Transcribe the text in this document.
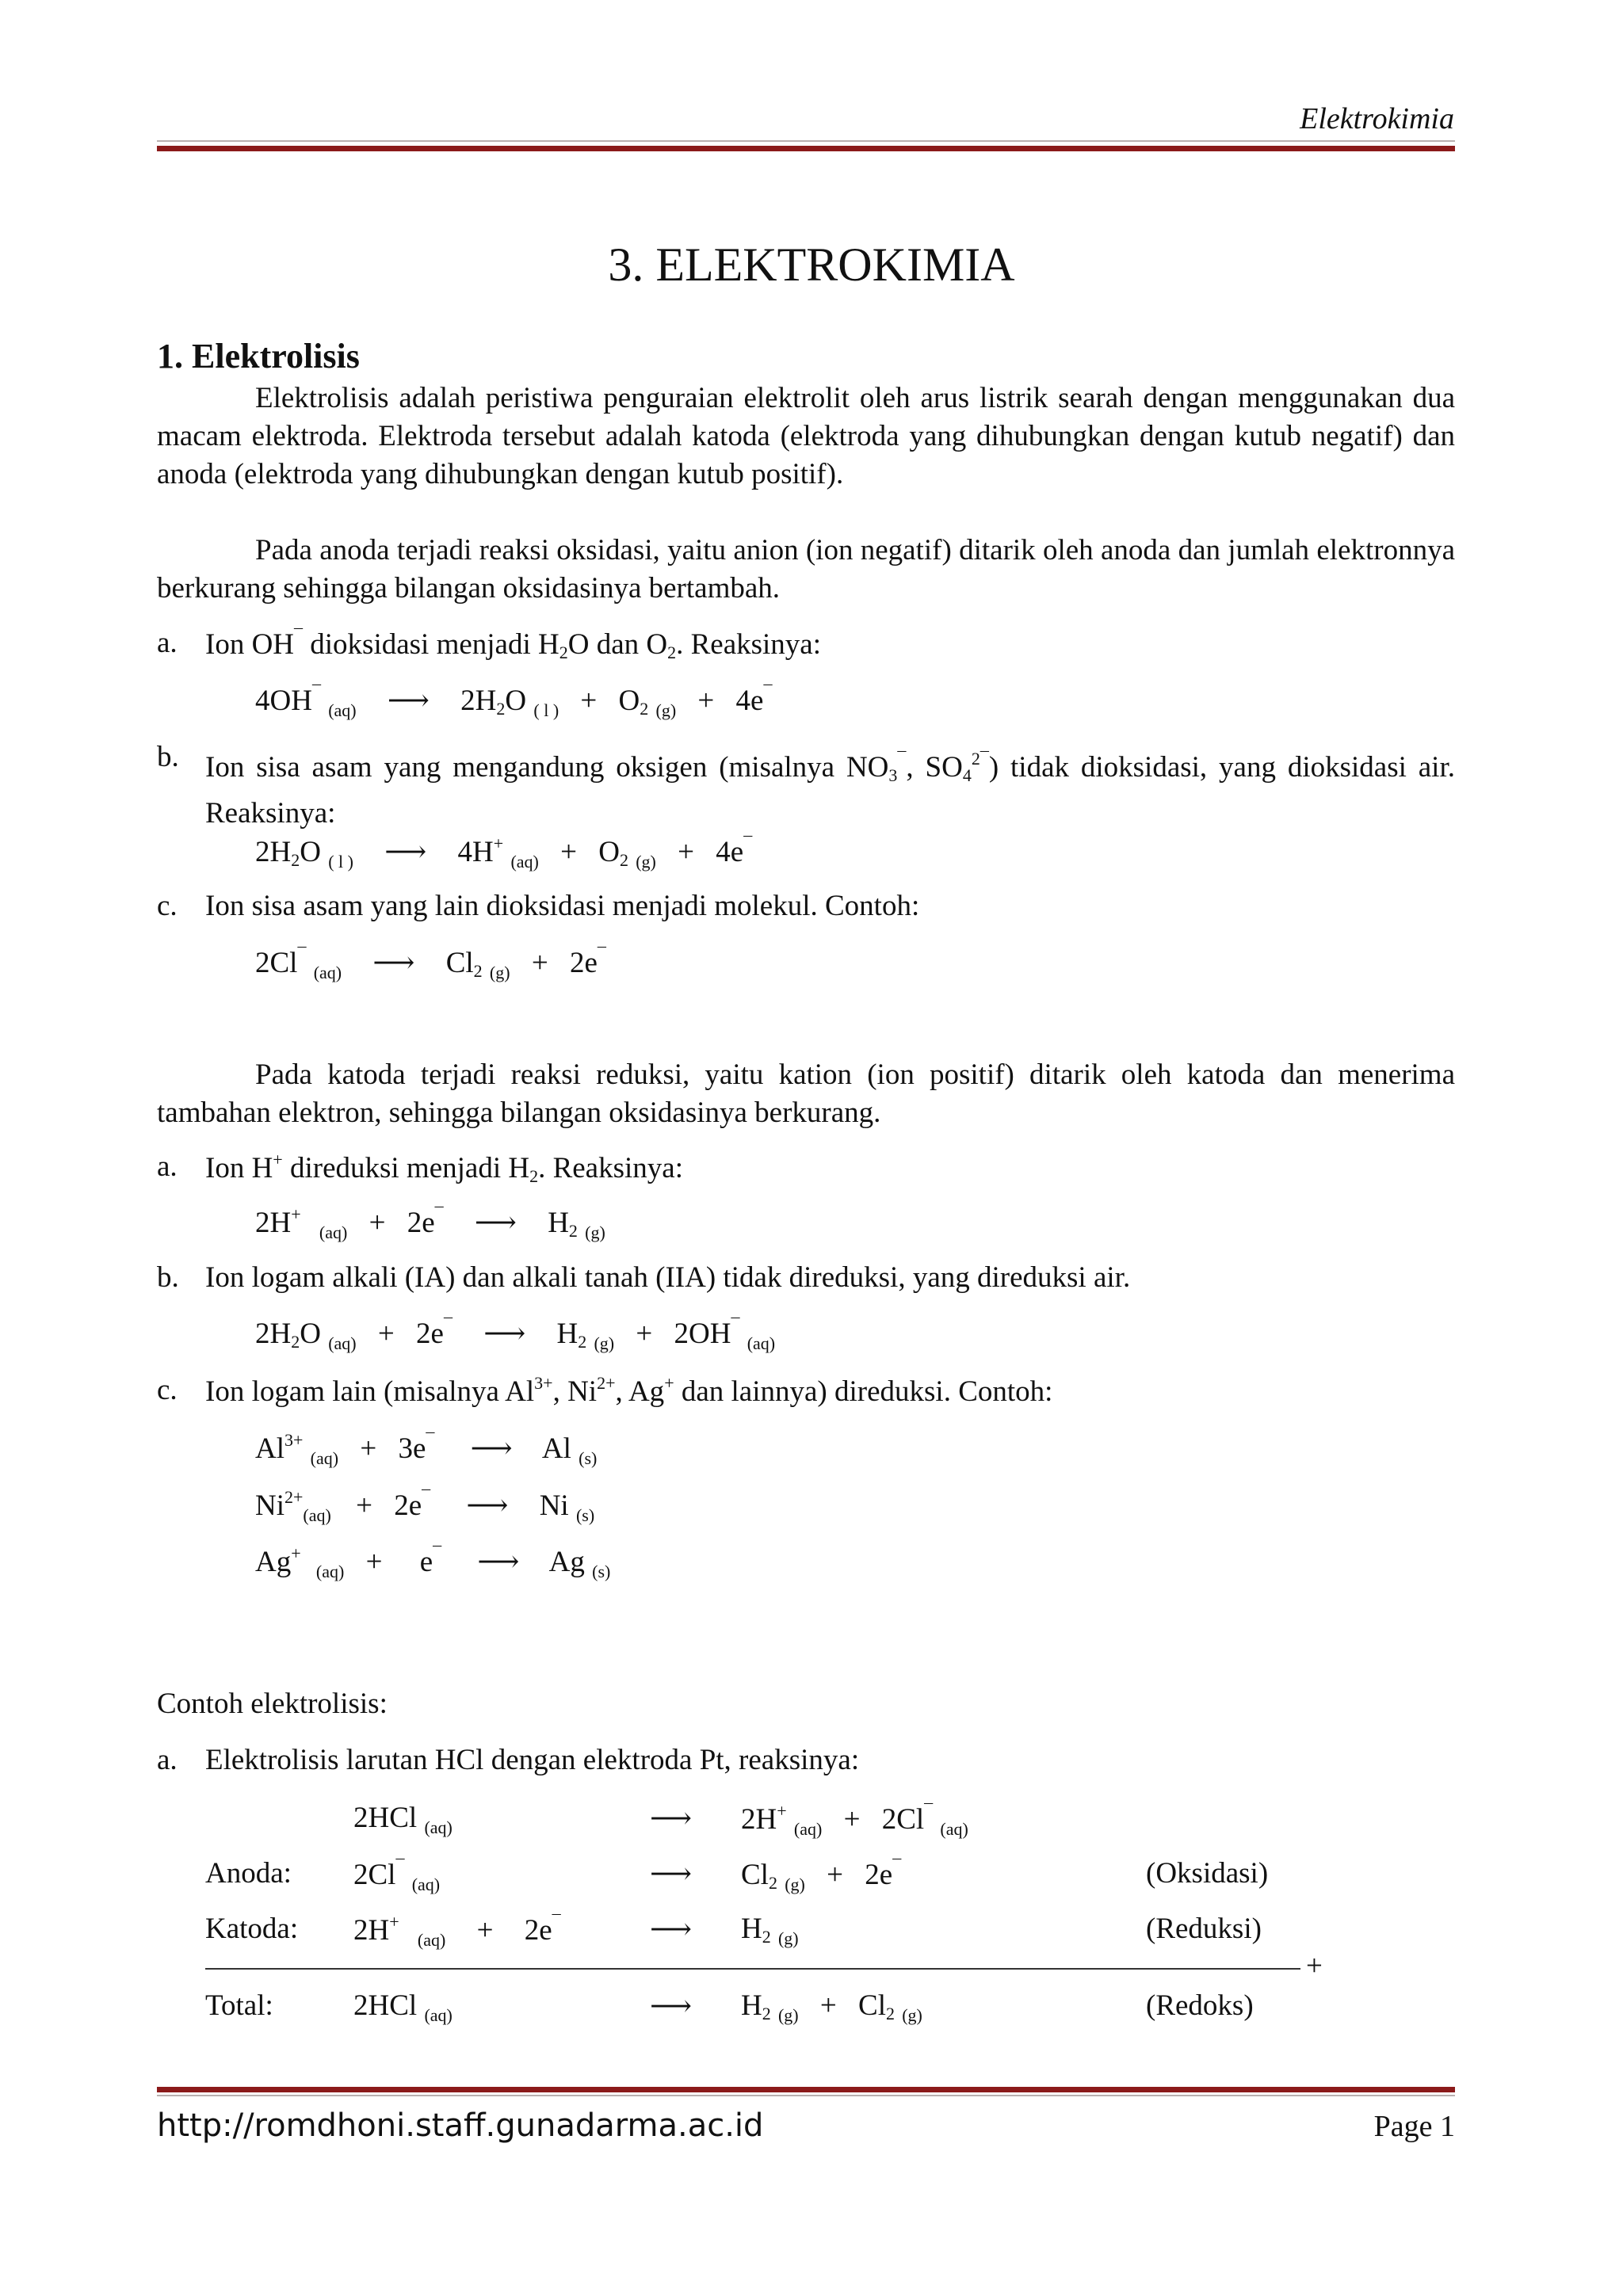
Elektrokimia
3. ELEKTROKIMIA
1. Elektrolisis

Elektrolisis adalah peristiwa penguraian elektrolit oleh arus listrik searah dengan menggunakan dua macam elektroda. Elektroda tersebut adalah katoda (elektroda yang dihubungkan dengan kutub negatif) dan anoda (elektroda yang dihubungkan dengan kutub positif).

Pada anoda terjadi reaksi oksidasi, yaitu anion (ion negatif) ditarik oleh anoda dan jumlah elektronnya berkurang sehingga bilangan oksidasinya bertambah.

a. Ion OH¯ dioksidasi menjadi $H_2O$ dan $O_2$. Reaksinya:
4OH¯ $_{(aq)}$ ⟶ $2H_2O$ $_{( l )} + O_2$ $_{(g)}$ + 4e¯
b. Ion sisa asam yang mengandung oksigen (misalnya $NO_3^¯$, $SO_4^{2¯}$) tidak dioksidasi, yang dioksidasi air. Reaksinya:
$2H_2O$ $_{( l )}$ ⟶ 4H+ $_{(aq)} + O_2$ $_{(g)}$ + 4e¯
c. Ion sisa asam yang lain dioksidasi menjadi molekul. Contoh:
2Cl¯ $_{(aq)}$ ⟶ $Cl_2$ $_{(g)}$ + 2e¯

Pada katoda terjadi reaksi reduksi, yaitu kation (ion positif) ditarik oleh katoda dan menerima tambahan elektron, sehingga bilangan oksidasinya berkurang.

a. Ion H+ direduksi menjadi $H_2$. Reaksinya:
2H+ $_{(aq)}$ + 2e¯ ⟶ $H_2$ $_{(g)}$
b. Ion logam alkali (IA) dan alkali tanah (IIA) tidak direduksi, yang direduksi air.
$2H_2O$ $_{(aq)}$ + 2e¯ ⟶ $H_2$ $_{(g)}$ + 2OH¯ $_{(aq)}$
c. Ion logam lain (misalnya $Al^{3+}$, $Ni^{2+}$, Ag+ dan lainnya) direduksi. Contoh:
$Al^{3+}$ $_{(aq)}$ + 3e¯ ⟶ Al $_{(s)}$
$Ni^{2+}_{(aq)} + 2e^¯$ ⟶ Ni $_{(s)}$
Ag+ $_{(aq)}$ + e¯ ⟶ Ag $_{(s)}$
Contoh elektrolisis:
a. Elektrolisis larutan HCl dengan elektroda Pt, reaksinya:
2HCl $_{(aq)}$	⟶ 2H+ $_{(aq)}$ + 2Cl¯ $_{(aq)}$
Anoda: 2Cl¯ $_{(aq)}$	⟶ $Cl_2$ $_{(g)}$ + 2e¯	(Oksidasi)
Katoda: 2H+ $_{(aq)}$ + 2e¯	⟶ $H_2$ $_{(g)}$	(Reduksi)
+
Total:	2HCl $_{(aq)}$	⟶ $H_2$ $_{(g)} + Cl_2$ $_{(g)}$	(Redoks)
http://romdhoni.staff.gunadarma.ac.id	Page 1
